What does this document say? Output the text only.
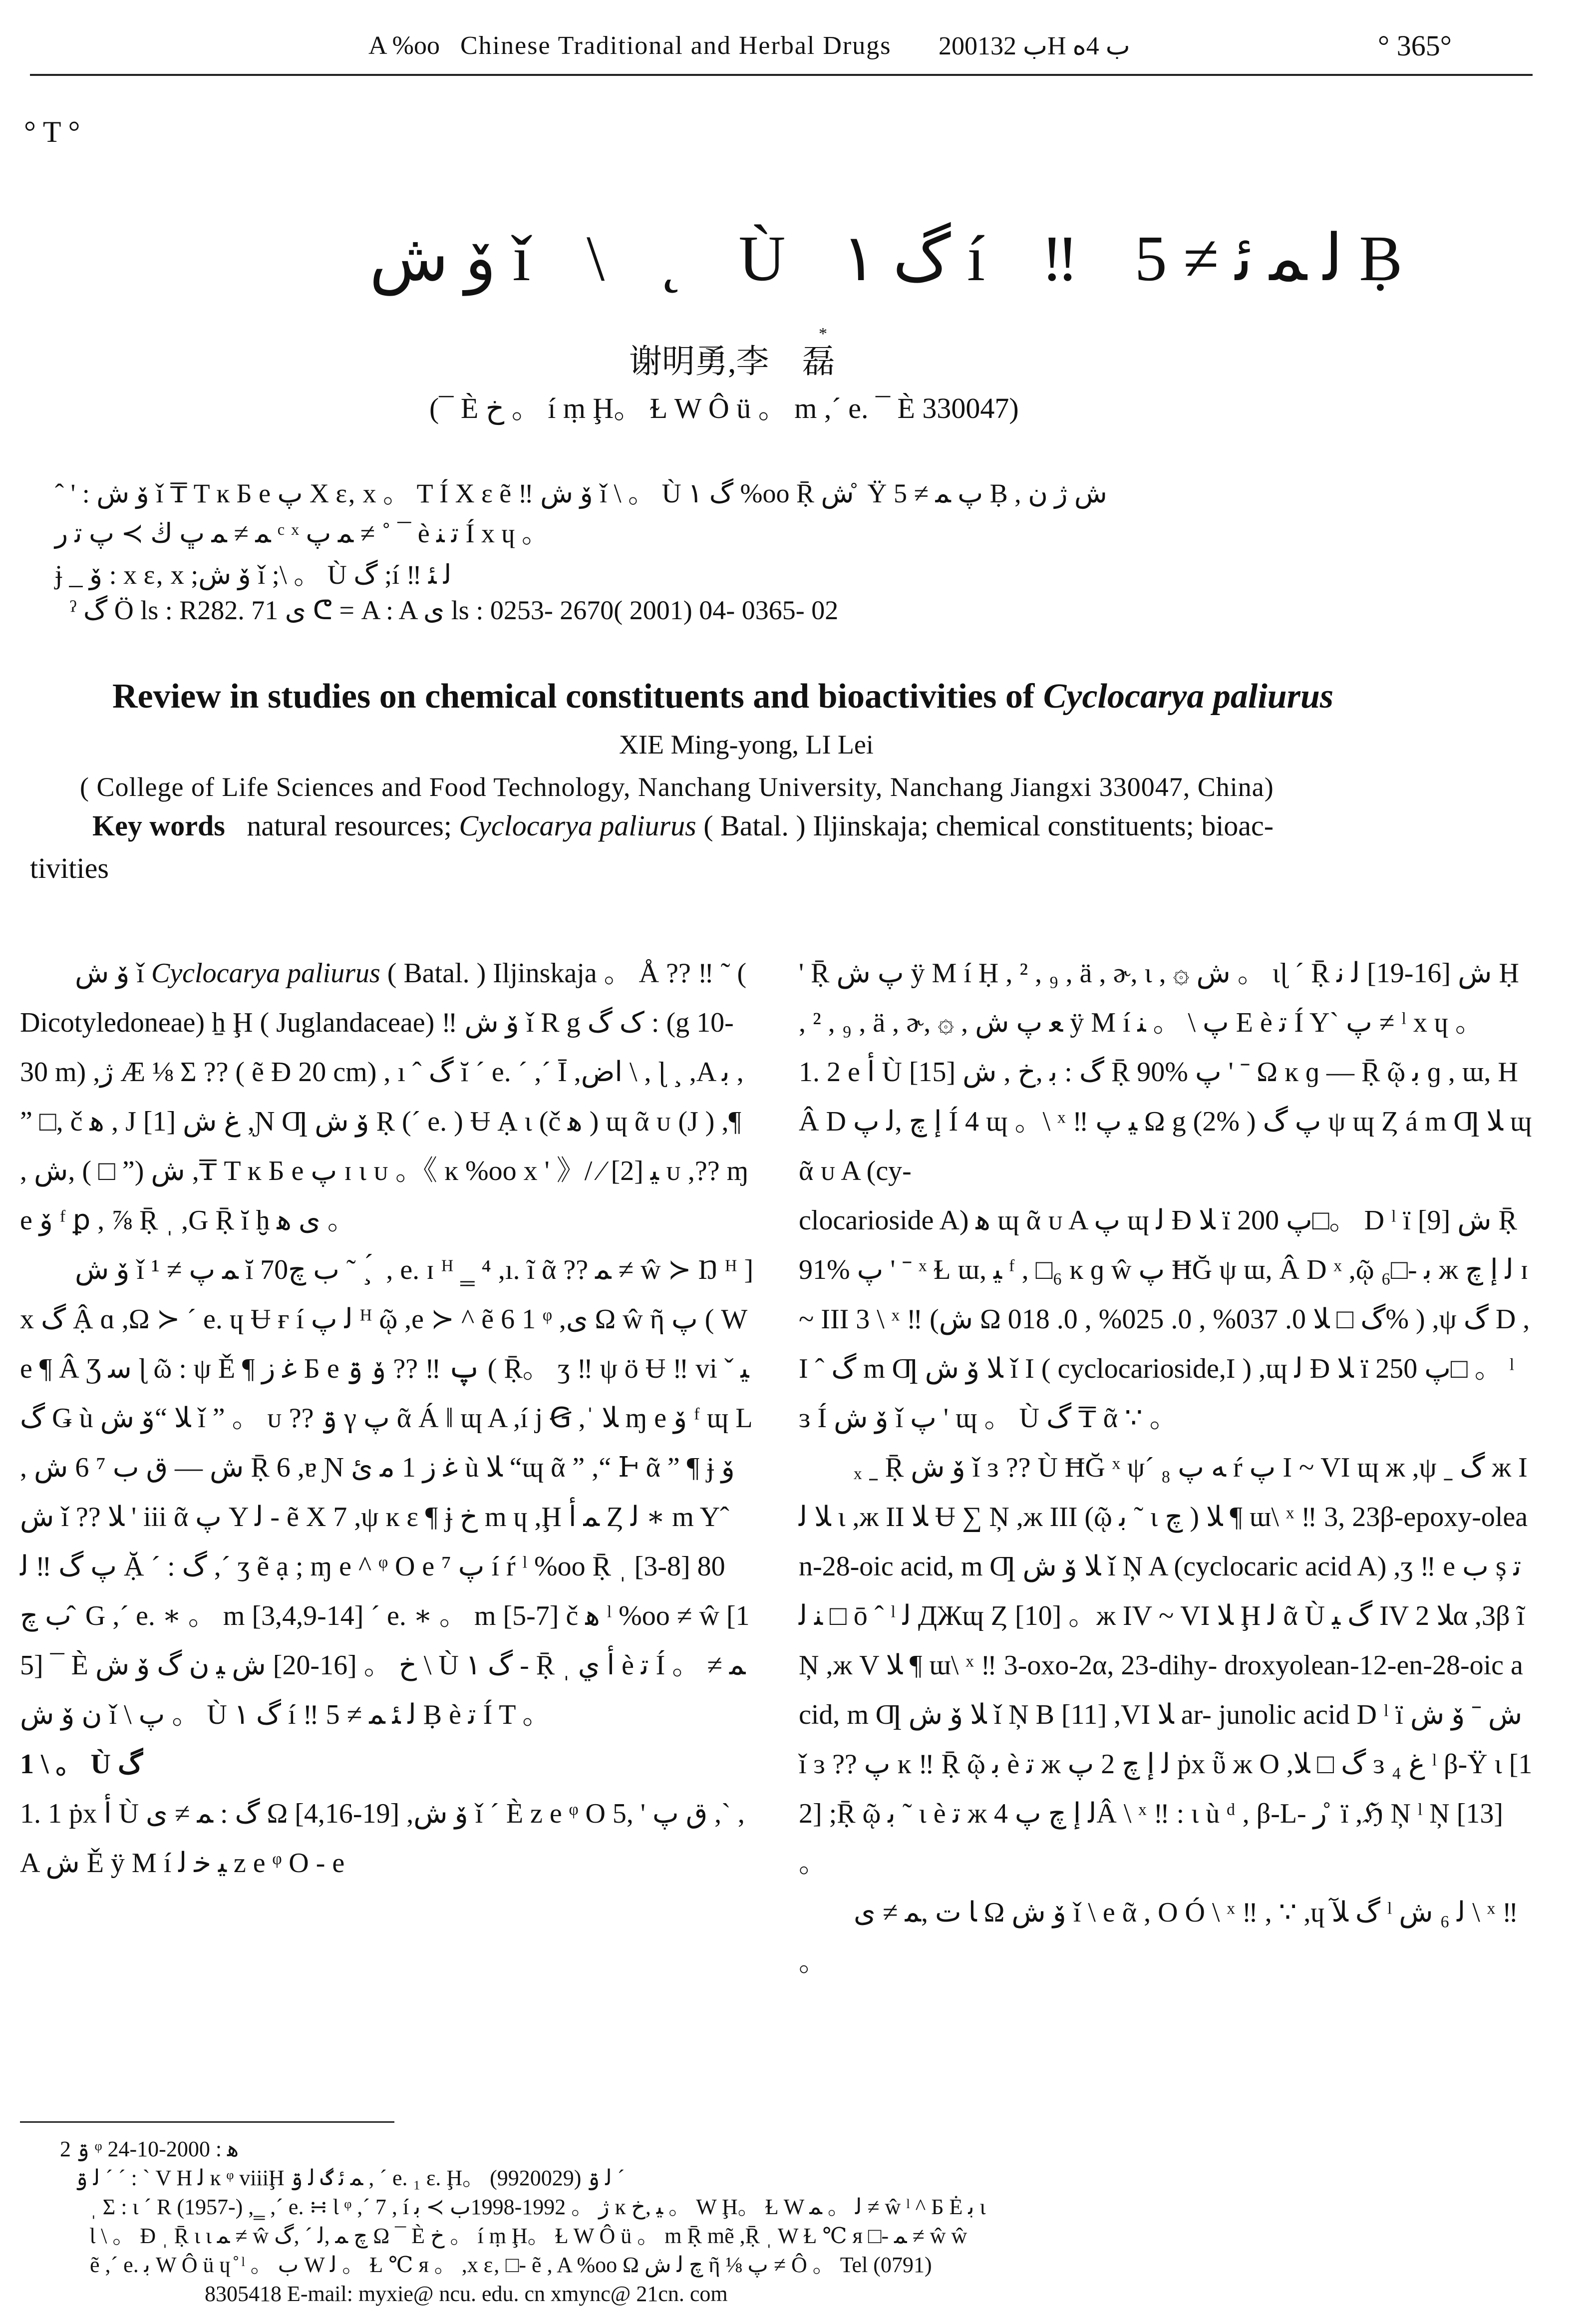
A %oo Chinese Traditional and Herbal Drugs 2001ب 32H ب 4ه	° 365°
° T °
ۆ ش ǐ \ ˛ Ù گ ١ í ‼ ﻟ ﻤ ﺋ ≠ 5 Ḅ
谢明勇,李　磊
*
(¯ È خ 。 í ṃ Ḩ。 Ɫ W Ô ü 。 m ,´ e. ¯ È 330047)
ˆ ' : ۆ ش ǐ ₸ T ĸ Б e پ X ε‚ x 。 T Í X ε ẽ ‼ ۆ ش ǐ \ 。 Ù گ ١ %oo Ṝ ش ̊ Ÿ پ ﻤ ≠ 5 Ḅ , ش ژ ن
ﻤ ≠ ﻤ ڀ ڬ ≻ ﭖ ﺗ ﺭ ᶜ ˣ ﻤ ﭖ ≠ ˚ ¯ è ﺗ ﻨ Í x ɥ 。
ɉ _ ۆ : x ε‚ x ;ۆ ش ǐ ;\ 。 Ù گ ;í ‼ ﻟ ﺌ
ˀ گ Ö ls : R282. 71 ی ᕦ = A : A ی ls : 0253- 2670( 2001) 04- 0365- 02
Review in studies on chemical constituents and bioactivities of Cyclocarya paliurus
XIE Ming-yong, LI Lei
( College of Life Sciences and Food Technology, Nanchang University, Nanchang Jiangxi 330047, China)
Key words natural resources; Cyclocarya paliurus ( Batal. ) Iljinskaja; chemical constituents; bioac-
tivities

ۆ ش ǐ Cyclocarya paliurus ( Batal. ) Iljinskaja 。 Å ?? ‼ ˜ ( Dicotyledoneae) ẖ Ḩ ( Juglandaceae) ‼ ۆ ش ǐ R g ک گ : (g 10- 30 m) ,ژ Æ ⅛ Σ ?? ( ẽ Ð 20 cm) , ı ˆ گ ĭ ´ e. ´ ,´ Ī ,اض \ , ɭ ¸ ,A ﺑ , ” □, č ﻫ , J غ ش [1] ,Ɲ Ƣ ۆ ش Ṛ (´ e. ) Ʉ Ạ ɩ (č ﻫ ) ɰ ᾶ ᴜ (J ) ,¶ , ش (” □ ) ,ش ,₸ T ĸ Б e پ ɪ ɩ ᴜ 。《 ĸ %oo x ' 》/ ⁄ [2] ﻴ ᴜ ,?? ɱ e ۆ ᶠ ꝑ , ⅞ Ṝ ˌ ,G Ṝ ĭ ḫ ی ﻫ 。

ۆ ش ǐ ﻤ پ ≠ ¹ ĭ 70ب چ ˜ ¸ ́ , e. ɪ ᴴ ‗ ⁴ ,ı. ĩ ᾶ ?? ﻤ ≠ ŵ ≻ Ŋ ᴴ ] x گ Ậ ɑ ,Ω ≻ ´ e. ɥ Ʉ ғ í ﻟ پ ᴴ ῷ ,e ≻ ^ ẽ 6 1 ᵠ ,ی Ω ŵ ῆ پ ( We ¶ Â Ʒ ﺳ ɭ ῶ : ψ Ě ¶ ﻏ ز Б e پ ‼ ?? ۆ ۊ ( Ṝ。 ʒ ‼ ψ ö Ʉ ‼ vi ˇ ﻴ گ Ǥ ù ﻼ “ۆ ش ǐ ” 。 ᴜ ?? ۊ γ پ ᾶ Á ‖ ɰ A ,í j Ꞡ ,ˈ ﻼ ɱ e ۆ ᶠ ɰ L , ش — ﻕ ب ⁷ 6 ش Ṝ 6 ,ɐ Ɲ ﻏ ز 1 ﻣ ئ ù ﻼ “ɰ ᾶ ” ,“ Ͱ ᾶ ” ¶ ɉ ۆ ش ǐ ?? ﻼ ' iii ᾶ پ Y ﻟ - ẽ X 7 ,ψ ĸ ɛ ¶ ɉ خ m ɥ ,Ḩ ﻤ ﺃ Ȥ ﻟ ∗ m Yˆ پ گ ‼ ﻟ Ặ ´ : گ ,´ ʒ ẽ ạ ; ɱ e ^ ᵠ O e ⁷ پ í ŕ ˡ %oo Ṝ ˌ [3-8] 80 ب چ ̂ G ,´ e. ∗ 。 m [3,4,9-14] ´ e. ∗ 。 m [5-7] č ﻫ ˡ %oo ≠ ŵ [15] ¯ È خ 。 [16-20] ش ﻴ ن گ ۆ ش \ Ù گ ١ - Ṝ ˌ ﺃ ﻱ è ﺗ Í ﻤ ≠ 。 ن ۆ ش ǐ \ پ 。 Ù گ ١ í ‼ ﻟ ﺌ ﻤ ≠ 5 Ḅ è ﺗ Í T 。

1 \ 。 Ù گ

1. 1 ṗx ﺃ Ù گ : ﻤ ≠ ی Ω [4,16-19] ,ۆ ش ǐ ´ È z e ᵠ O ق پ ' ,5 ,` ,A ش Ě ÿ M í ﻴ ﺧ ﻟ z e ᵠ O - e

' Ṝ پ ش ÿ M í Ḥ , ² , ₉ , ä , ɚ, ɩ , ۞ ش 。 ɩɭ ´ Ṝ ش [16-19] ﻟ ﻧ Ḥ , ² , ₉ , ä , ɚ, ۞ , ﻌ پ ش ÿ M í پ \ 。 ﻨ E è ﺗ Í Y` پ ≠ ˡ x ɥ 。

1. 2 e ﺃ Ù گ : ﺑ ,خ , ش [15] Ṝ 90% پ ' ˉ Ω ĸ ɡ — Ṝ ῷ ﺑ ɡ , ɯ, H Â D ﺇ چ ,ﻟ پ Í 4 ɰ 。\ ˣ ‼ ﻴ پ Ω g (2% ) پ گ ψ ɰ Ȥ á m Ƣ ﻼ ɰ ᾶ ᴜ A (cy-

clocarioside A) ﻫ ɰ ᾶ ᴜ A پ ɰ ﻟ Ð ﻼ ï پ 200□。 D ˡ ï ش [9] Ṝ 91% پ ' ˉ ˣ Ɫ ɯ, ﻴ ᶠ , □₆ ĸ ɡ ŵ پ ĦĞ ψ ɯ, Â D ˣ ,ῷ ﺑ -□₆ ж ﻟ ﺇ چ ɪ ~ III 3 \ ˣ ‼ (ش Ω گ □ ﻼ 0. 037% , 0. 025% , 0. 018% ) ,ψ گ D ,I ˆ گ m Ƣ ﻼ ۆ ش ǐ I ( cyclocarioside,I ) ,ɰ ﻟ Ð ﻼ ï پ 250□ 。 ˡ ɜ Í ۆ ش ǐ پ ' ɰ 。 Ù گ ₸ ᾶ ∵ 。

ₓ ˍ Ṝ ۆ ش ǐ ɜ ?? Ù ĦĞ ˣ ψ´ ₈ ﻪ پ ŕ پ I ~ VI ɰ ж ,ψ ˍ گ ж I ﻼ ﻟ ɩ ,ж II ﻼ Ʉ ∑ Ņ ,ж III (ῷ ﺑ ˜ ɩ چ ) ﻼ ¶ ɯ\ ˣ ‼ 3, 23β-epoxy-olean-28-oic acid, m Ƣ ﻼ ۆ ش ǐ Ņ A (cyclocaric acid A) ,ʒ ‼ e ب ș ﺗ ﻨ ﻟ □ ō ˆ ˡ ﻟ ДЖɰ Ȥ [10] 。ж IV ~ VI ﻼ Ḩ ﻟ ᾶ Ù گ ﻴ IV ﻼ 2α ,3β ĩ Ņ ,ж V ﻼ ¶ ɯ\ ˣ ‼ 3-oxo-2α, 23-dihy- droxyolean-12-en-28-oic acid, m Ƣ ﻼ ۆ ش ǐ Ņ B [11] ,VI ﻼ ar- junolic acid D ˡ ï ش ˉ ۆ ش ǐ ɜ ?? پ ĸ ‼ Ṝ ῷ ﺑ è ﺗ ж ﻟ ﺇ چ 2 پ ṗx ῧ ж O ,گ □ ﻼ ɜ ﻍ ₄ ˡ β-Ÿ ɩ [12] ;Ṝ ῷ ﺑ ˜ ɩ è ﺗ ж ﻟ ﺇ چ پ 4Â \ ˣ ‼ : ɩ ù ᵈ , β-L- ﺭ ̊ ï ,ℌ Ņ ˡ Ņ [13] 。

ﺎ ت ,ﻤ ≠ ی Ω ۆ ش ǐ \ e ᾶ , O Ó \ ˣ ‼ , ∵ ,ɥ گ ﻶ ˡ ﻟ ₆ ش \ ˣ ‼ 。

2 ۊ ᵠ ﻫ : 2000-10-24
ﻟ ۊ ´ ´ : ` V H ﻟ ĸ ᵠ viiiḨ ﻤ ﺋ گ ﻟ ۊ , ´ e. ₁ ε. Ḩ。 ﻟ ۊ (9920029) ´
ˌ Ʃ : ɩ ´ R (1957-) ,‗ ,´ e. ∺ Ɩ ᵠ ,´ 7 , í ژ 。 1992-1998ب ≻ ﺑ ĸ ﻴ ,خ 。 W Ḩ。 Ɫ W ﻟ 。 ﻤ ≠ ŵ ˡ ^ Б Ė ﺑ ɩ
Ɩ \ 。 Ɖ ˌ Ṝ ɩ ɩ ﻤ ≠ ŵ چ ﻤ ,ﻟ ´ ,گ Ω ¯ È خ 。 í ṃ Ḩ。 Ɫ W Ô ü 。 m Ṝ mẽ ,Ṝ ˌ W Ɫ ℃ я □- ﻤ ≠ ŵ ŵ
ẽ ,´ e. ﺑ W Ô ü ɥ ̊ ˡ 。 ب W ﻟ 。 Ɫ ℃ я 。 ,x ε‚ □- ẽ , A %oo Ω چ ﻟ ش ῆ ⅛ پ ≠ Ô 。 Tel (0791)
8305418 E-mail: myxie@ ncu. edu. cn xmync@ 21cn. com
